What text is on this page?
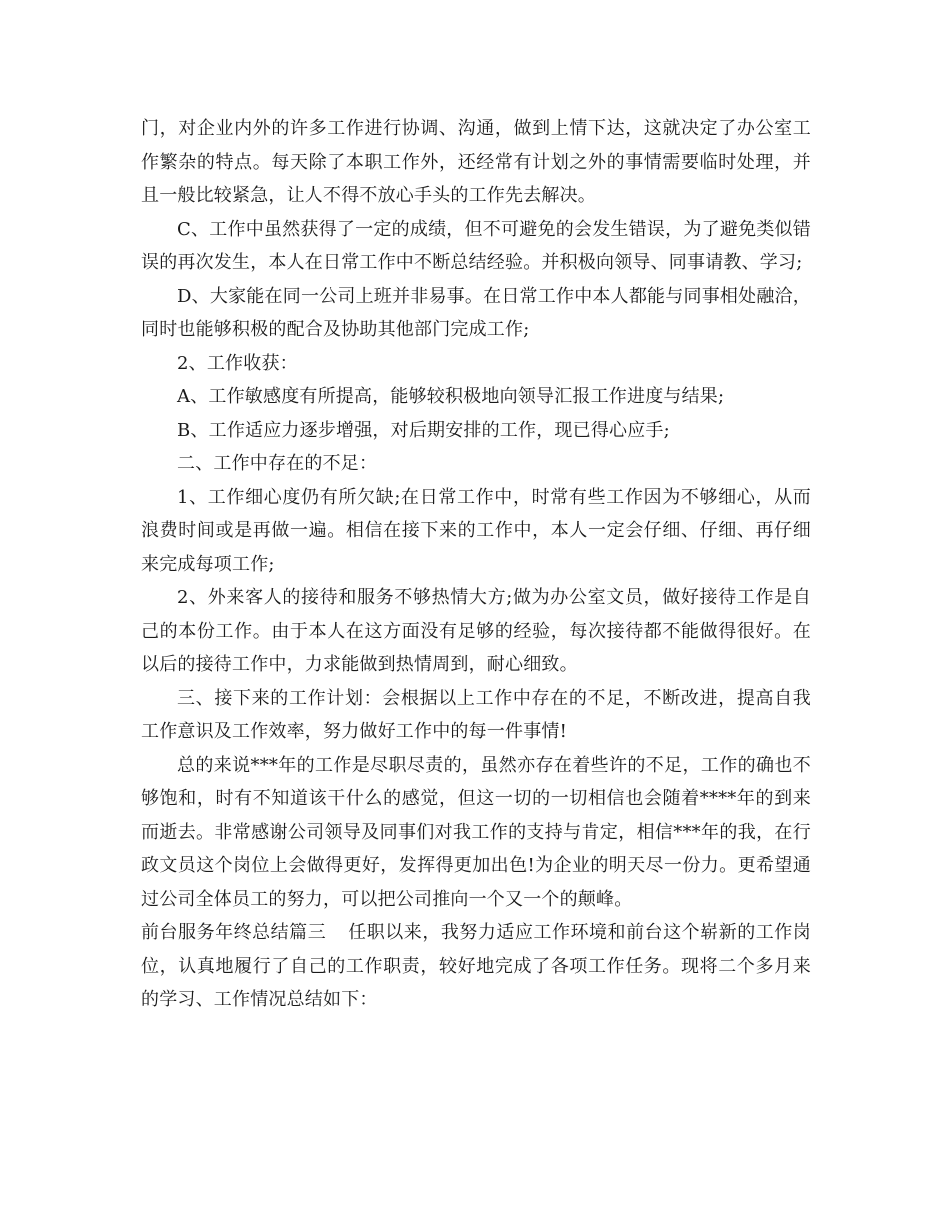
门，对企业内外的许多工作进行协调、沟通，做到上情下达，这就决定了办公室工作繁杂的特点。每天除了本职工作外，还经常有计划之外的事情需要临时处理，并且一般比较紧急，让人不得不放心手头的工作先去解决。

C、工作中虽然获得了一定的成绩，但不可避免的会发生错误，为了避免类似错误的再次发生，本人在日常工作中不断总结经验。并积极向领导、同事请教、学习;

D、大家能在同一公司上班并非易事。在日常工作中本人都能与同事相处融洽，同时也能够积极的配合及协助其他部门完成工作;

2、工作收获：

A、工作敏感度有所提高，能够较积极地向领导汇报工作进度与结果;

B、工作适应力逐步增强，对后期安排的工作，现已得心应手;

二、工作中存在的不足：

1、工作细心度仍有所欠缺;在日常工作中，时常有些工作因为不够细心，从而浪费时间或是再做一遍。相信在接下来的工作中，本人一定会仔细、仔细、再仔细来完成每项工作;

2、外来客人的接待和服务不够热情大方;做为办公室文员，做好接待工作是自己的本份工作。由于本人在这方面没有足够的经验，每次接待都不能做得很好。在以后的接待工作中，力求能做到热情周到，耐心细致。

三、接下来的工作计划：会根据以上工作中存在的不足，不断改进，提高自我工作意识及工作效率，努力做好工作中的每一件事情!

总的来说***年的工作是尽职尽责的，虽然亦存在着些许的不足，工作的确也不够饱和，时有不知道该干什么的感觉，但这一切的一切相信也会随着****年的到来而逝去。非常感谢公司领导及同事们对我工作的支持与肯定，相信***年的我，在行政文员这个岗位上会做得更好，发挥得更加出色!为企业的明天尽一份力。更希望通过公司全体员工的努力，可以把公司推向一个又一个的颠峰。

前台服务年终总结篇三 任职以来，我努力适应工作环境和前台这个崭新的工作岗位，认真地履行了自己的工作职责，较好地完成了各项工作任务。现将二个多月来的学习、工作情况总结如下：
